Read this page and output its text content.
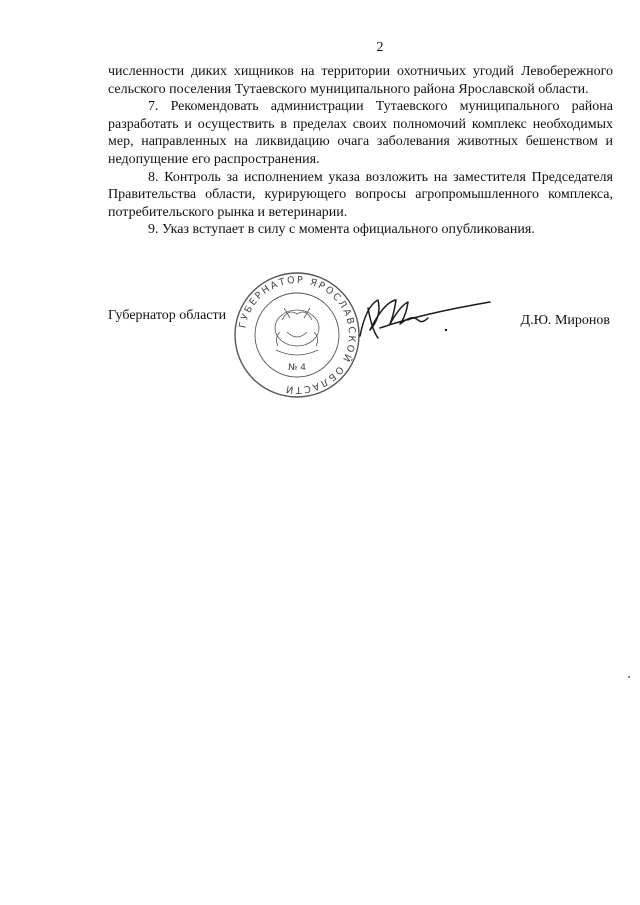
2

численности диких хищников на территории охотничьих угодий Левобережного сельского поселения Тутаевского муниципального района Ярославской области.

7. Рекомендовать администрации Тутаевского муниципального района разработать и осуществить в пределах своих полномочий комплекс необходимых мер, направленных на ликвидацию очага заболевания животных бешенством и недопущение его распространения.

8. Контроль за исполнением указа возложить на заместителя Председателя Правительства области, курирующего вопросы агропромышленного комплекса, потребительского рынка и ветеринарии.

9. Указ вступает в силу с момента официального опубликования.

Губернатор области
ГУБЕРНАТОР ЯРОСЛАВСКОЙ ОБЛАСТИ
№ 4
Д.Ю. Миронов
